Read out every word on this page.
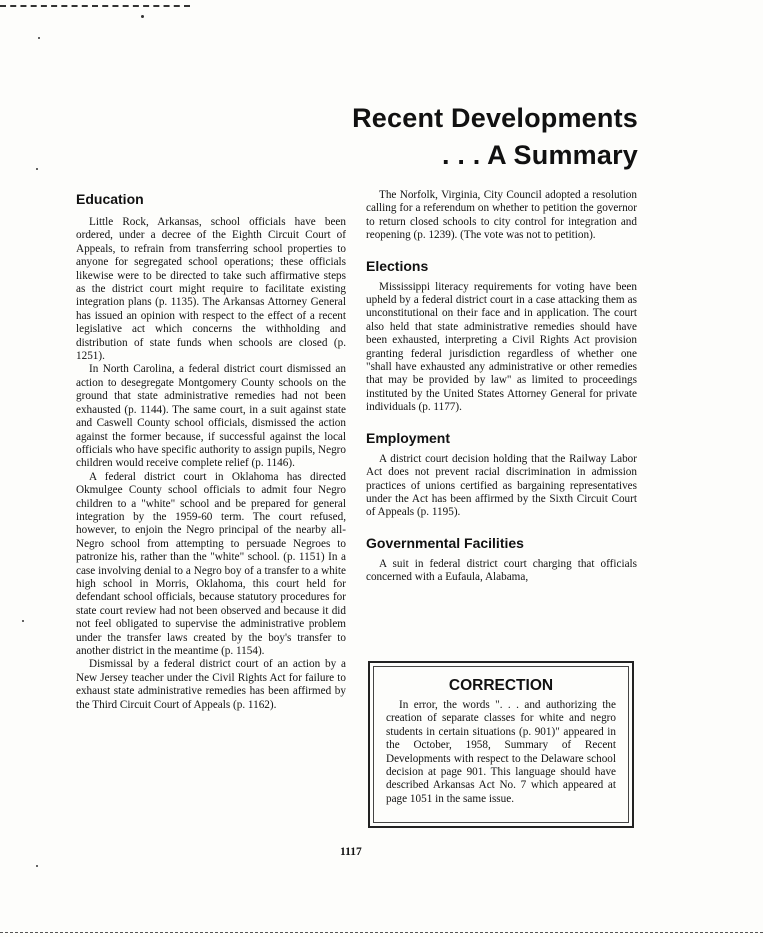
Recent Developments
. . . A Summary
Education

Little Rock, Arkansas, school officials have been ordered, under a decree of the Eighth Circuit Court of Appeals, to refrain from transferring school properties to anyone for segregated school operations; these officials likewise were to be directed to take such affirmative steps as the district court might require to facilitate existing integration plans (p. 1135). The Arkansas Attorney General has issued an opinion with respect to the effect of a recent legislative act which concerns the withholding and distribution of state funds when schools are closed (p. 1251).

In North Carolina, a federal district court dismissed an action to desegregate Montgomery County schools on the ground that state administrative remedies had not been exhausted (p. 1144). The same court, in a suit against state and Caswell County school officials, dismissed the action against the former because, if successful against the local officials who have specific authority to assign pupils, Negro children would receive complete relief (p. 1146).

A federal district court in Oklahoma has directed Okmulgee County school officials to admit four Negro children to a "white" school and be prepared for general integration by the 1959-60 term. The court refused, however, to enjoin the Negro principal of the nearby all-Negro school from attempting to persuade Negroes to patronize his, rather than the "white" school. (p. 1151) In a case involving denial to a Negro boy of a transfer to a white high school in Morris, Oklahoma, this court held for defendant school officials, because statutory procedures for state court review had not been observed and because it did not feel obligated to supervise the administrative problem under the transfer laws created by the boy's transfer to another district in the meantime (p. 1154).

Dismissal by a federal district court of an action by a New Jersey teacher under the Civil Rights Act for failure to exhaust state administrative remedies has been affirmed by the Third Circuit Court of Appeals (p. 1162).

The Norfolk, Virginia, City Council adopted a resolution calling for a referendum on whether to petition the governor to return closed schools to city control for integration and reopening (p. 1239). (The vote was not to petition).

Elections

Mississippi literacy requirements for voting have been upheld by a federal district court in a case attacking them as unconstitutional on their face and in application. The court also held that state administrative remedies should have been exhausted, interpreting a Civil Rights Act provision granting federal jurisdiction regardless of whether one "shall have exhausted any administrative or other remedies that may be provided by law" as limited to proceedings instituted by the United States Attorney General for private individuals (p. 1177).

Employment

A district court decision holding that the Railway Labor Act does not prevent racial discrimination in admission practices of unions certified as bargaining representatives under the Act has been affirmed by the Sixth Circuit Court of Appeals (p. 1195).

Governmental Facilities

A suit in federal district court charging that officials concerned with a Eufaula, Alabama,

CORRECTION

In error, the words ". . . and authorizing the creation of separate classes for white and negro students in certain situations (p. 901)" appeared in the October, 1958, Summary of Recent Developments with respect to the Delaware school decision at page 901. This language should have described Arkansas Act No. 7 which appeared at page 1051 in the same issue.

1117
